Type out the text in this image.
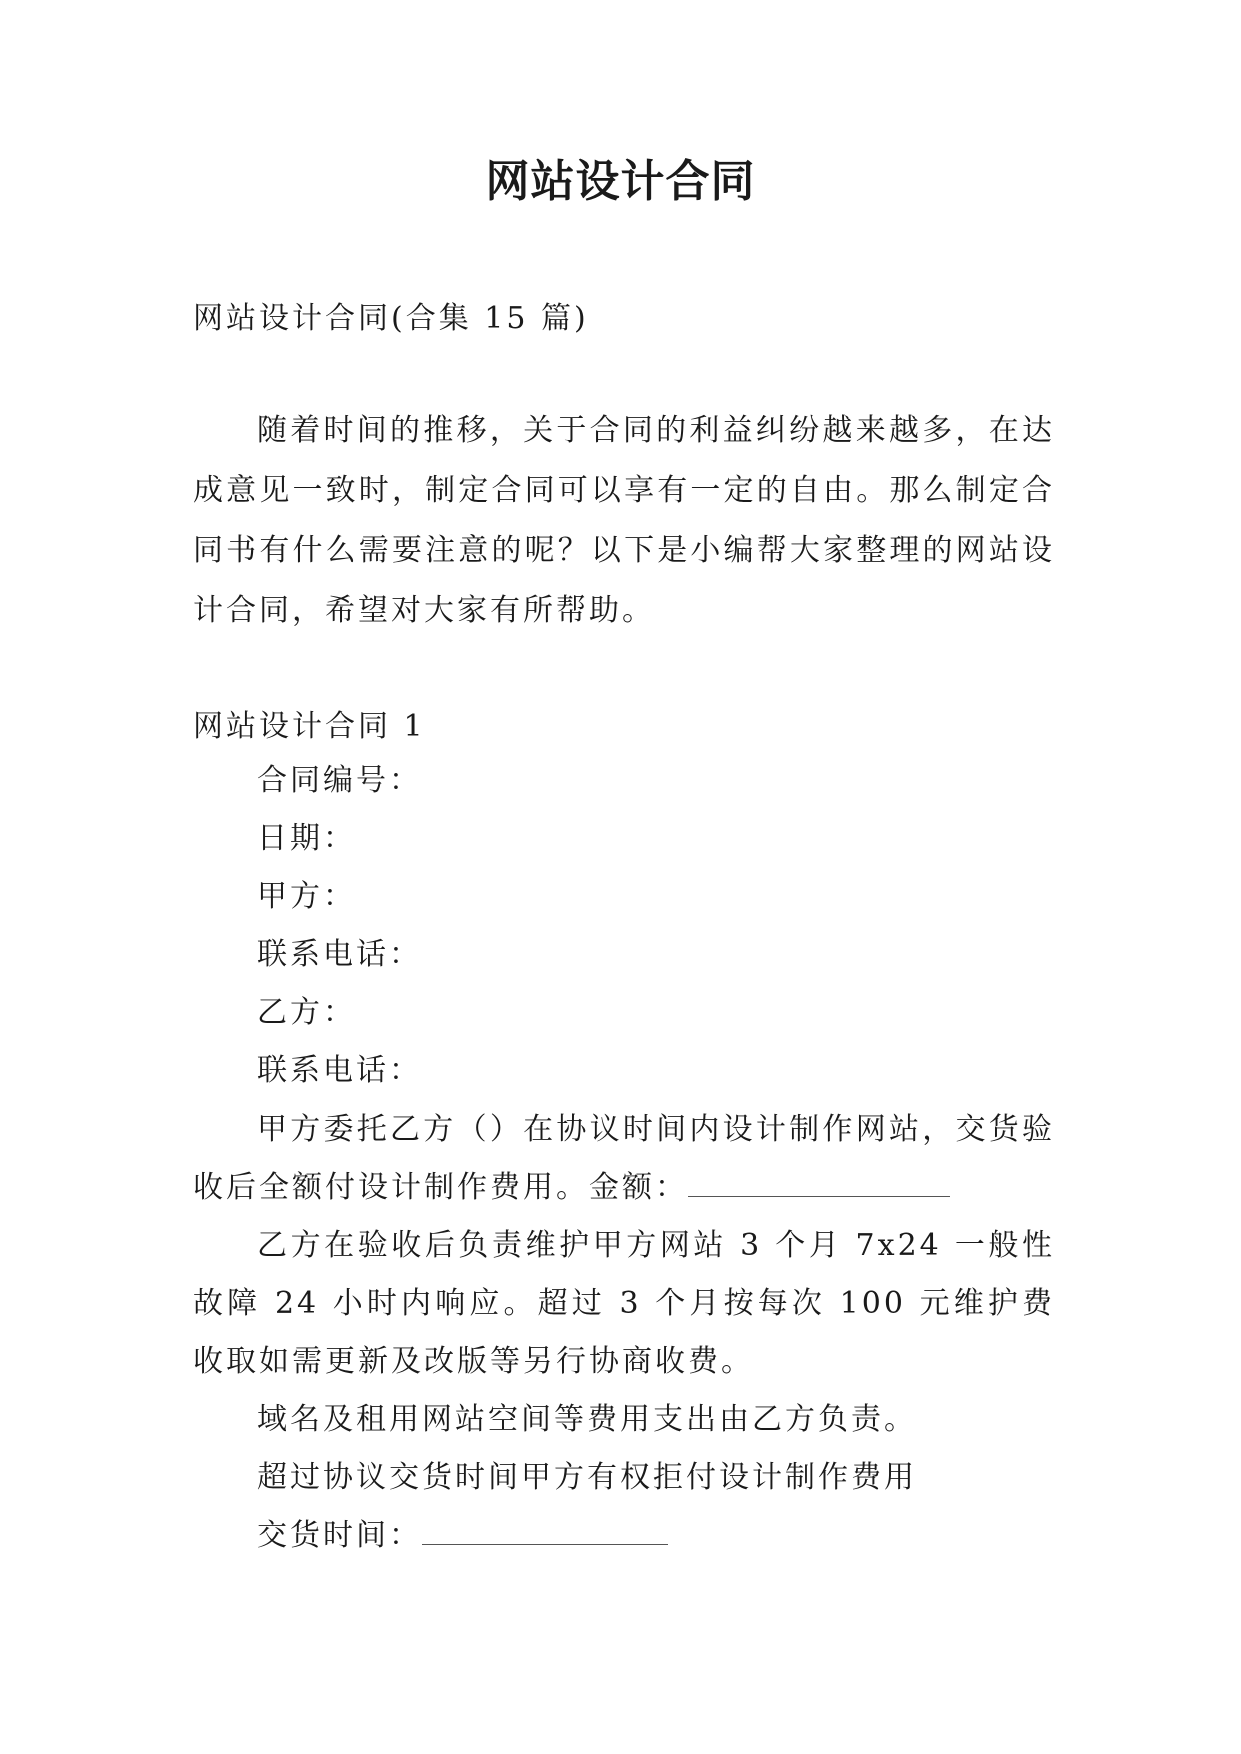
网站设计合同

网站设计合同(合集 15 篇)

随着时间的推移，关于合同的利益纠纷越来越多，在达成意见一致时，制定合同可以享有一定的自由。那么制定合同书有什么需要注意的呢？以下是小编帮大家整理的网站设计合同，希望对大家有所帮助。

网站设计合同 1

合同编号：

日期：

甲方：

联系电话：

乙方：

联系电话：

甲方委托乙方（）在协议时间内设计制作网站，交货验收后全额付设计制作费用。金额：

乙方在验收后负责维护甲方网站 3 个月 7x24 一般性故障 24 小时内响应。超过 3 个月按每次 100 元维护费收取如需更新及改版等另行协商收费。

域名及租用网站空间等费用支出由乙方负责。

超过协议交货时间甲方有权拒付设计制作费用

交货时间：
